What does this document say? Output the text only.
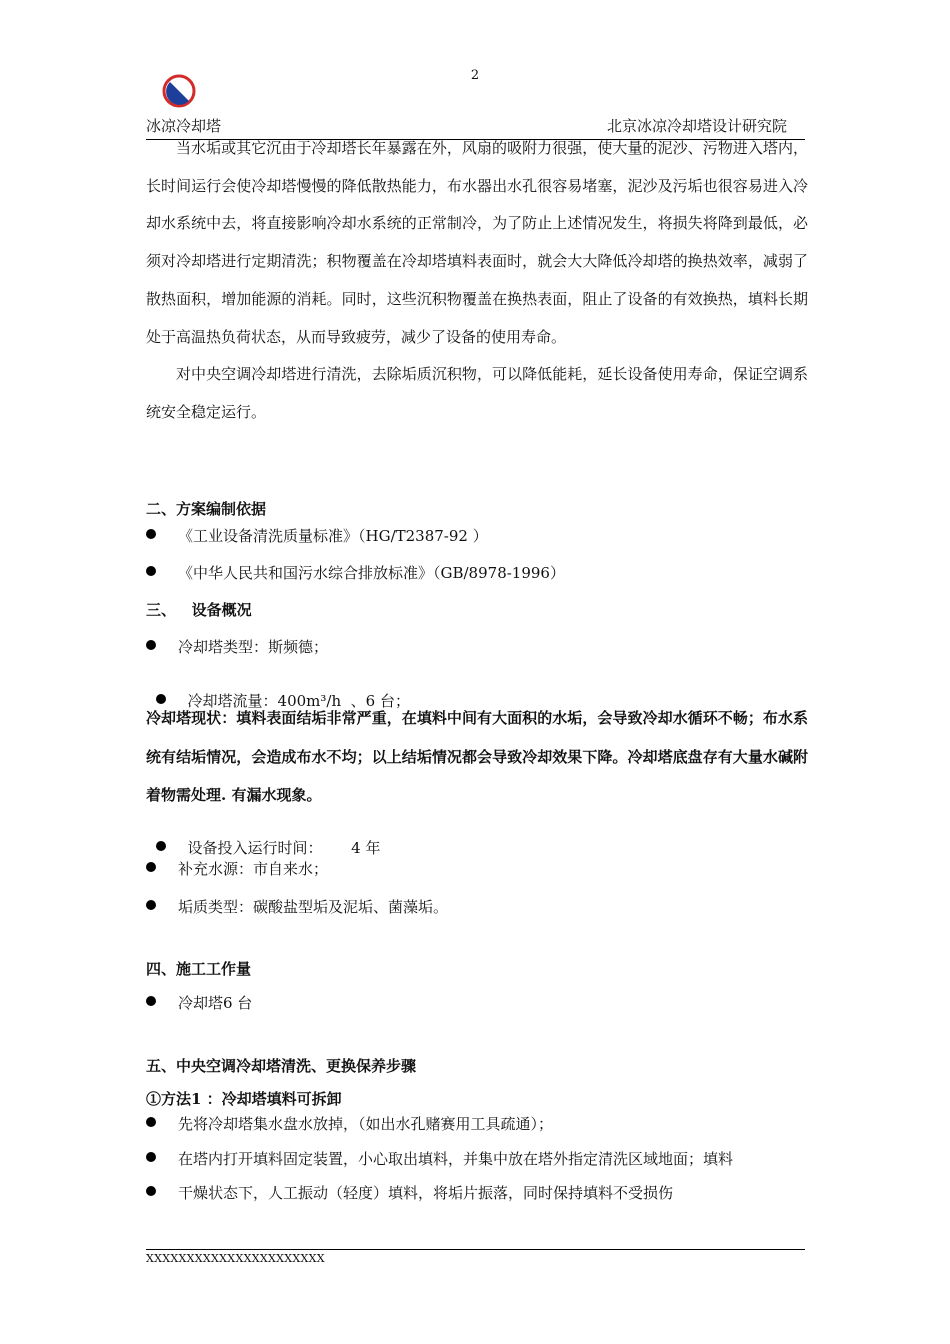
2
冰凉冷却塔	北京冰凉冷却塔设计研究院

当水垢或其它沉由于冷却塔长年暴露在外，风扇的吸附力很强，使大量的泥沙、污物进入塔内，长时间运行会使冷却塔慢慢的降低散热能力，布水器出水孔很容易堵塞，泥沙及污垢也很容易进入冷却水系统中去，将直接影响冷却水系统的正常制冷，为了防止上述情况发生，将损失将降到最低，必须对冷却塔进行定期清洗；积物覆盖在冷却塔填料表面时，就会大大降低冷却塔的换热效率，减弱了散热面积，增加能源的消耗。同时，这些沉积物覆盖在换热表面，阻止了设备的有效换热，填料长期处于高温热负荷状态，从而导致疲劳，减少了设备的使用寿命。

对中央空调冷却塔进行清洗，去除垢质沉积物，可以降低能耗，延长设备使用寿命，保证空调系统安全稳定运行。

二、方案编制依据
《工业设备清洗质量标准》（HG/T2387-92 ）
《中华人民共和国污水综合排放标准》（GB/8978-1996）
三、   设备概况
冷却塔类型：斯频德；

冷却塔流量：400m³/h  、6 台；

冷却塔现状：填料表面结垢非常严重，在填料中间有大面积的水垢，会导致冷却水循环不畅；布水系统有结垢情况，会造成布水不均；以上结垢情况都会导致冷却效果下降。冷却塔底盘存有大量水碱附着物需处理. 有漏水现象。

设备投入运行时间：      4 年

补充水源：市自来水；
垢质类型：碳酸盐型垢及泥垢、菌藻垢。
四、施工工作量
冷却塔6 台
五、中央空调冷却塔清洗、更换保养步骤
①方法1 ：冷却塔填料可拆卸
先将冷却塔集水盘水放掉，（如出水孔赌赛用工具疏通）；
在塔内打开填料固定装置，小心取出填料，并集中放在塔外指定清洗区域地面；填料
干燥状态下，人工振动（轻度）填料，将垢片振落，同时保持填料不受损伤
XXXXXXXXXXXXXXXXXXXXXX
